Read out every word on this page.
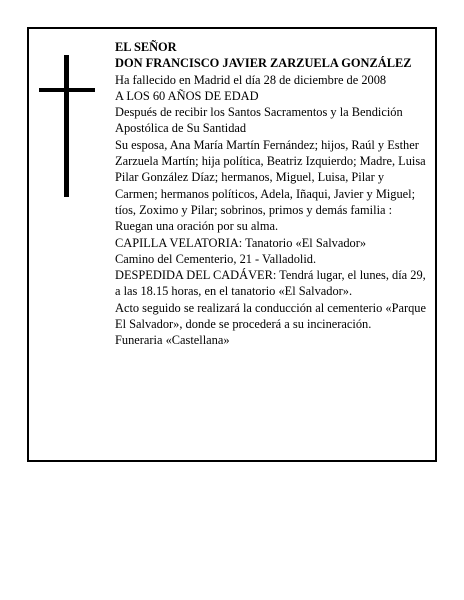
EL SEÑOR

DON FRANCISCO JAVIER ZARZUELA GONZÁLEZ

Ha fallecido en Madrid el día 28 de diciembre de 2008

A LOS 60 AÑOS DE EDAD

Después de recibir los Santos Sacramentos y la Bendición Apostólica de Su Santidad

Su esposa, Ana María Martín Fernández; hijos, Raúl y Esther Zarzuela Martín; hija política, Beatriz Izquierdo; Madre, Luisa Pilar González Díaz; hermanos, Miguel, Luisa, Pilar y Carmen; hermanos políticos, Adela, Iñaqui, Javier y Miguel; tíos, Zoximo y Pilar; sobrinos, primos y demás familia :

Ruegan una oración por su alma.

CAPILLA VELATORIA: Tanatorio «El Salvador»

Camino del Cementerio, 21 - Valladolid.

DESPEDIDA DEL CADÁVER: Tendrá lugar, el lunes, día 29, a las 18.15 horas, en el tanatorio «El Salvador».

Acto seguido se realizará la conducción al cementerio «Parque El Salvador», donde se procederá a su incineración.

Funeraria «Castellana»
